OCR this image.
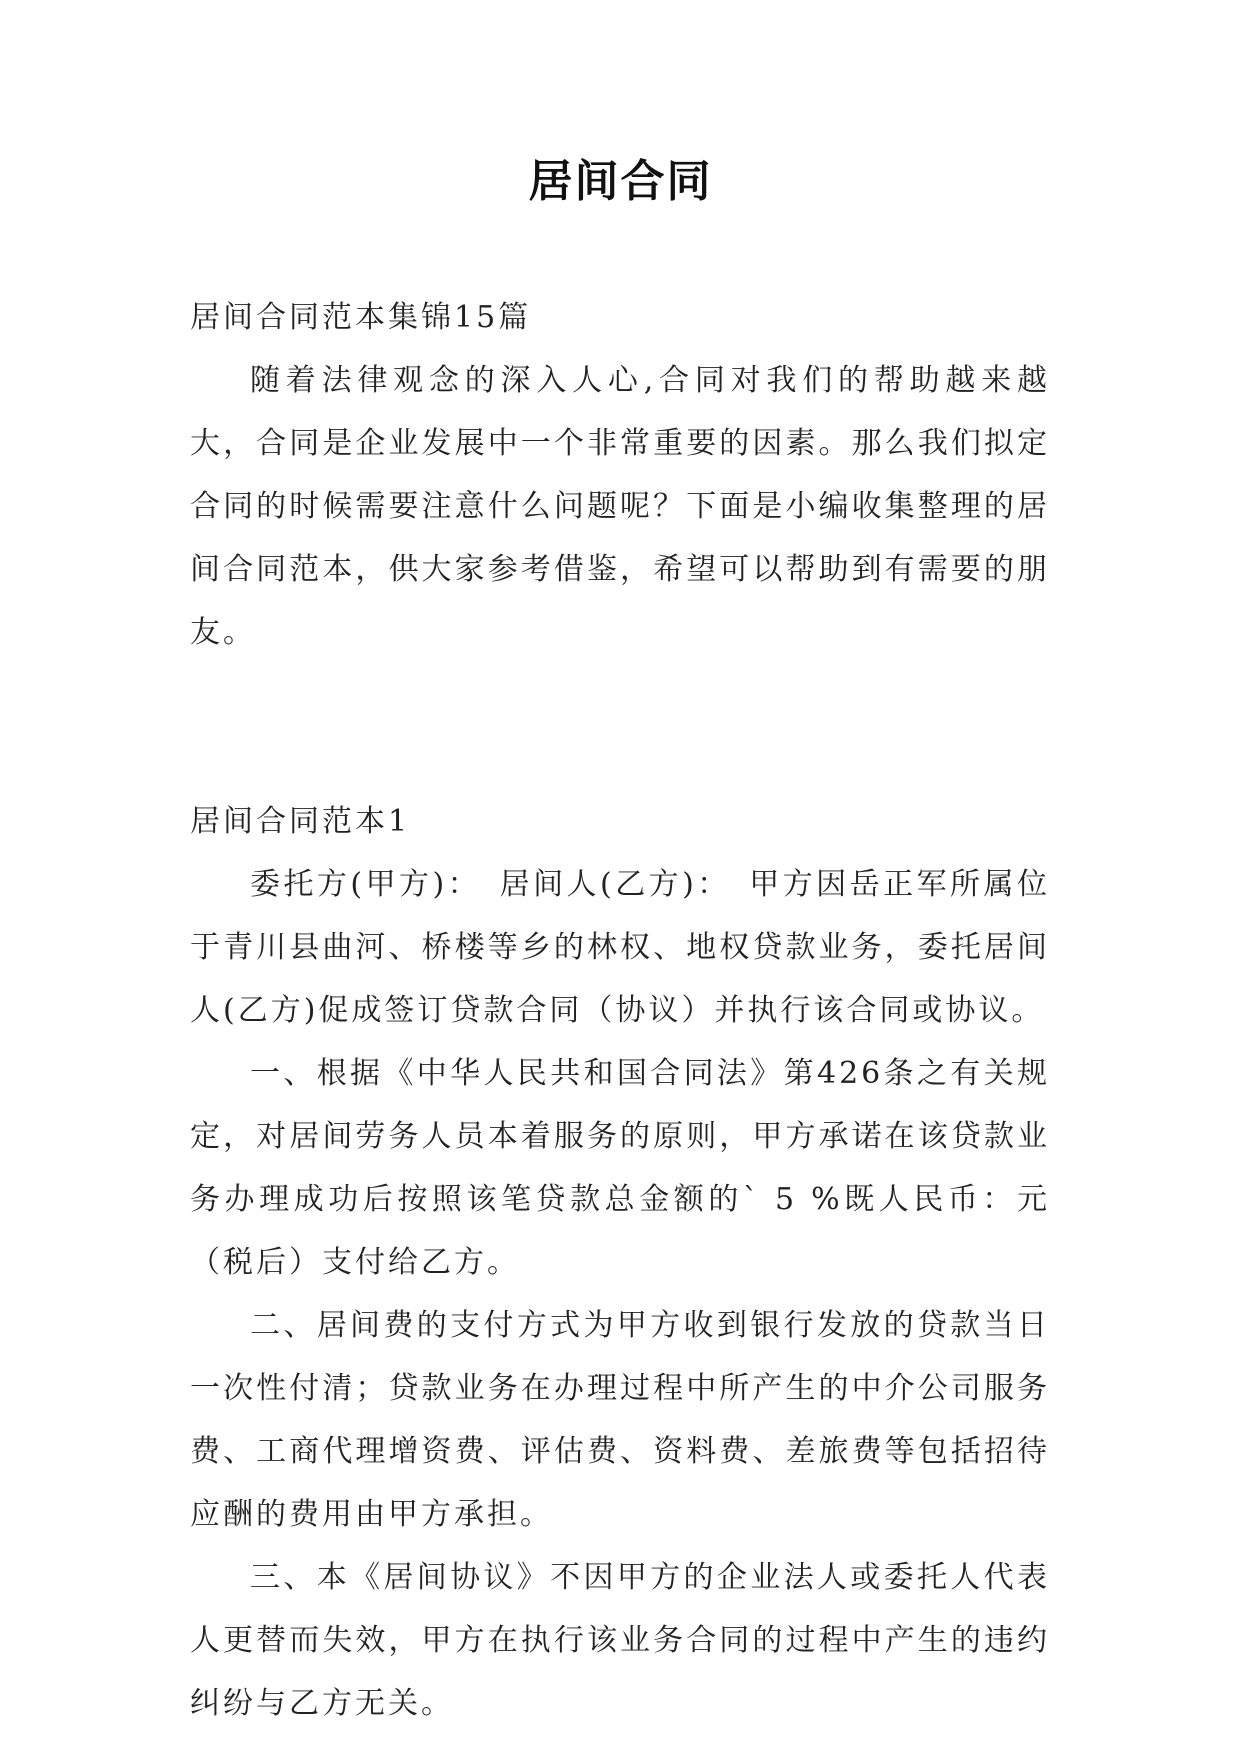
居间合同

居间合同范本集锦15篇

随着法律观念的深入人心,合同对我们的帮助越来越大，合同是企业发展中一个非常重要的因素。那么我们拟定合同的时候需要注意什么问题呢？下面是小编收集整理的居间合同范本，供大家参考借鉴，希望可以帮助到有需要的朋友。

居间合同范本1

委托方(甲方)：　居间人(乙方)：　甲方因岳正军所属位于青川县曲河、桥楼等乡的林权、地权贷款业务，委托居间人(乙方)促成签订贷款合同（协议）并执行该合同或协议。

一、根据《中华人民共和国合同法》第426条之有关规定，对居间劳务人员本着服务的原则，甲方承诺在该贷款业务办理成功后按照该笔贷款总金额的` 5 %既人民币：元（税后）支付给乙方。

二、居间费的支付方式为甲方收到银行发放的贷款当日一次性付清；贷款业务在办理过程中所产生的中介公司服务费、工商代理增资费、评估费、资料费、差旅费等包括招待应酬的费用由甲方承担。

三、本《居间协议》不因甲方的企业法人或委托人代表人更替而失效，甲方在执行该业务合同的过程中产生的违约纠纷与乙方无关。
